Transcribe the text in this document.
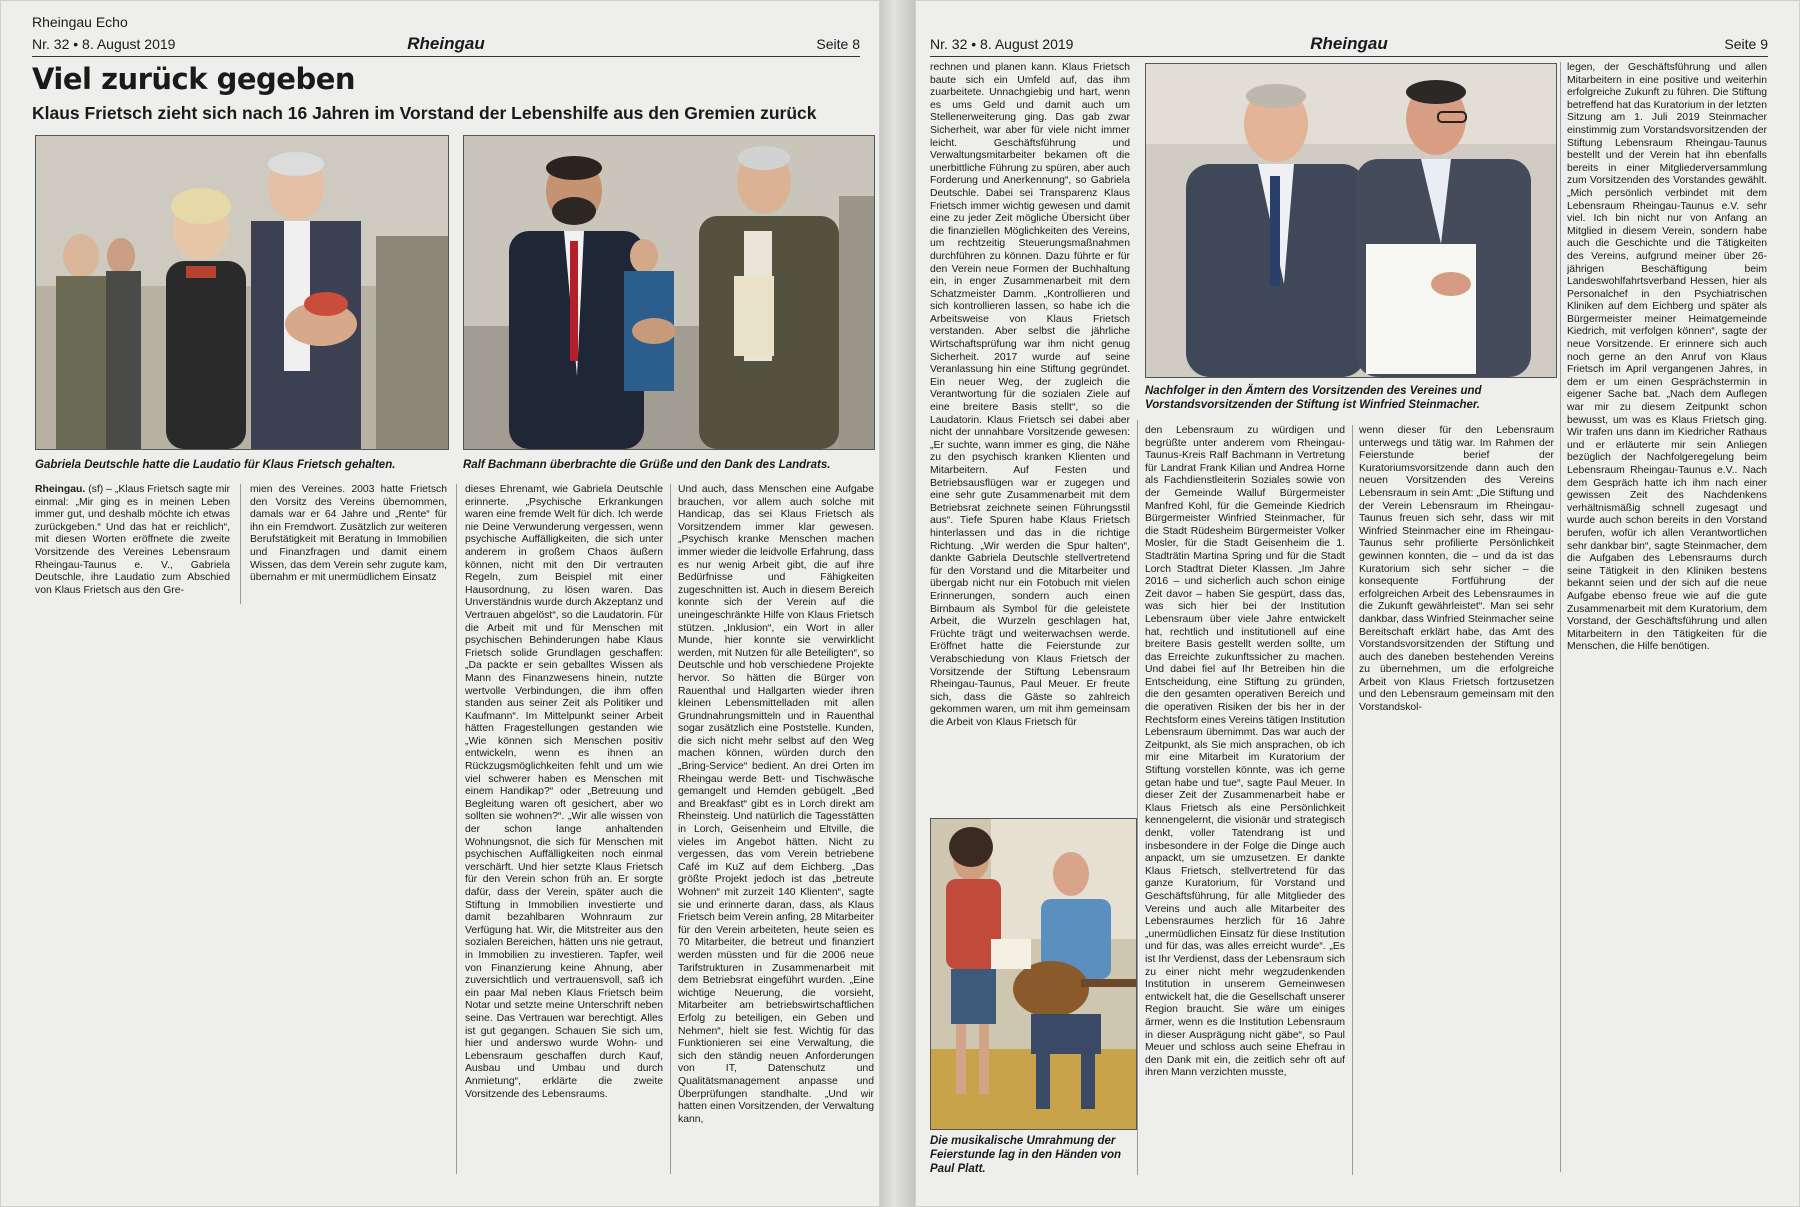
Rheingau Echo
Nr. 32 • 8. August 2019	Rheingau	Seite 8
Viel zurück gegeben
Klaus Frietsch zieht sich nach 16 Jahren im Vorstand der Lebenshilfe aus den Gremien zurück
Gabriela Deutschle hatte die Laudatio für Klaus Frietsch gehalten.	Ralf Bachmann überbrachte die Grüße und den Dank des Landrats.
Rheingau. (sf) – „Klaus Frietsch sagte mir einmal: „Mir ging es in meinen Leben immer gut, und deshalb möchte ich etwas zurückgeben.“ Und das hat er reichlich“, mit diesen Worten eröffnete die zweite Vorsitzende des Vereines Lebensraum Rheingau-Taunus e. V., Gabriela Deutschle, ihre Laudatio zum Abschied von Klaus Frietsch aus den Gre-
mien des Vereines. 2003 hatte Frietsch den Vorsitz des Vereins übernommen, damals war er 64 Jahre und „Rente“ für ihn ein Fremdwort. Zusätzlich zur weiteren Berufstätigkeit mit Beratung in Immobilien und Finanzfragen und damit einem Wissen, das dem Verein sehr zugute kam, übernahm er mit unermüdlichem Einsatz
dieses Ehrenamt, wie Gabriela Deutschle erinnerte. „Psychische Erkrankungen waren eine fremde Welt für dich. Ich werde nie Deine Verwunderung vergessen, wenn psychische Auffälligkeiten, die sich unter anderem in großem Chaos äußern können, nicht mit den Dir vertrauten Regeln, zum Beispiel mit einer Hausordnung, zu lösen waren. Das Unverständnis wurde durch Akzeptanz und Vertrauen abgelöst“, so die Laudatorin. Für die Arbeit mit und für Menschen mit psychischen Behinderungen habe Klaus Frietsch solide Grundlagen geschaffen: „Da packte er sein geballtes Wissen als Mann des Finanzwesens hinein, nutzte wertvolle Verbindungen, die ihm offen standen aus seiner Zeit als Politiker und Kaufmann“. Im Mittelpunkt seiner Arbeit hätten Fragestellungen gestanden wie „Wie können sich Menschen positiv entwickeln, wenn es ihnen an Rückzugsmöglichkeiten fehlt und um wie viel schwerer haben es Menschen mit einem Handikap?“ oder „Betreuung und Begleitung waren oft gesichert, aber wo sollten sie wohnen?“. „Wir alle wissen von der schon lange anhaltenden Wohnungsnot, die sich für Menschen mit psychischen Auffälligkeiten noch einmal verschärft. Und hier setzte Klaus Frietsch für den Verein schon früh an. Er sorgte dafür, dass der Verein, später auch die Stiftung in Immobilien investierte und damit bezahlbaren Wohnraum zur Verfügung hat. Wir, die Mitstreiter aus den sozialen Bereichen, hätten uns nie getraut, in Immobilien zu investieren. Tapfer, weil von Finanzierung keine Ahnung, aber zuversichtlich und vertrauensvoll, saß ich ein paar Mal neben Klaus Frietsch beim Notar und setzte meine Unterschrift neben seine. Das Vertrauen war berechtigt. Alles ist gut gegangen. Schauen Sie sich um, hier und anderswo wurde Wohn- und Lebensraum geschaffen durch Kauf, Ausbau und Umbau und durch Anmietung“, erklärte die zweite Vorsitzende des Lebensraums.
Und auch, dass Menschen eine Aufgabe brauchen, vor allem auch solche mit Handicap, das sei Klaus Frietsch als Vorsitzendem immer klar gewesen. „Psychisch kranke Menschen machen immer wieder die leidvolle Erfahrung, dass es nur wenig Arbeit gibt, die auf ihre Bedürfnisse und Fähigkeiten zugeschnitten ist. Auch in diesem Bereich konnte sich der Verein auf die uneingeschränkte Hilfe von Klaus Frietsch stützen. „Inklusion“, ein Wort in aller Munde, hier konnte sie verwirklicht werden, mit Nutzen für alle Beteiligten“, so Deutschle und hob verschiedene Projekte hervor. So hätten die Bürger von Rauenthal und Hallgarten wieder ihren kleinen Lebensmittelladen mit allen Grundnahrungsmitteln und in Rauenthal sogar zusätzlich eine Poststelle. Kunden, die sich nicht mehr selbst auf den Weg machen können, würden durch den „Bring-Service“ bedient. An drei Orten im Rheingau werde Bett- und Tischwäsche gemangelt und Hemden gebügelt. „Bed and Breakfast“ gibt es in Lorch direkt am Rheinsteig. Und natürlich die Tagesstätten in Lorch, Geisenheim und Eltville, die vieles im Angebot hätten. Nicht zu vergessen, das vom Verein betriebene Café im KuZ auf dem Eichberg. „Das größte Projekt jedoch ist das „betreute Wohnen“ mit zurzeit 140 Klienten“, sagte sie und erinnerte daran, dass, als Klaus Frietsch beim Verein anfing, 28 Mitarbeiter für den Verein arbeiteten, heute seien es 70 Mitarbeiter, die betreut und finanziert werden müssten und für die 2006 neue Tarifstrukturen in Zusammenarbeit mit dem Betriebsrat eingeführt wurden. „Eine wichtige Neuerung, die vorsieht, Mitarbeiter am betriebswirtschaftlichen Erfolg zu beteiligen, ein Geben und Nehmen“, hielt sie fest. Wichtig für das Funktionieren sei eine Verwaltung, die sich den ständig neuen Anforderungen von IT, Datenschutz und Qualitätsmanagement anpasse und Überprüfungen standhalte. „Und wir hatten einen Vorsitzenden, der Verwaltung kann,
Nr. 32 • 8. August 2019	Rheingau	Seite 9
rechnen und planen kann. Klaus Frietsch baute sich ein Umfeld auf, das ihm zuarbeitete. Unnachgiebig und hart, wenn es ums Geld und damit auch um Stellenerweiterung ging. Das gab zwar Sicherheit, war aber für viele nicht immer leicht. Geschäftsführung und Verwaltungsmitarbeiter bekamen oft die unerbittliche Führung zu spüren, aber auch Forderung und Anerkennung“, so Gabriela Deutschle. Dabei sei Transparenz Klaus Frietsch immer wichtig gewesen und damit eine zu jeder Zeit mögliche Übersicht über die finanziellen Möglichkeiten des Vereins, um rechtzeitig Steuerungsmaßnahmen durchführen zu können. Dazu führte er für den Verein neue Formen der Buchhaltung ein, in enger Zusammenarbeit mit dem Schatzmeister Damm. „Kontrollieren und sich kontrollieren lassen, so habe ich die Arbeitsweise von Klaus Frietsch verstanden. Aber selbst die jährliche Wirtschaftsprüfung war ihm nicht genug Sicherheit. 2017 wurde auf seine Veranlassung hin eine Stiftung gegründet. Ein neuer Weg, der zugleich die Verantwortung für die sozialen Ziele auf eine breitere Basis stellt“, so die Laudatorin. Klaus Frietsch sei dabei aber nicht der unnahbare Vorsitzende gewesen: „Er suchte, wann immer es ging, die Nähe zu den psychisch kranken Klienten und Mitarbeitern. Auf Festen und Betriebsausflügen war er zugegen und eine sehr gute Zusammenarbeit mit dem Betriebsrat zeichnete seinen Führungsstil aus“. Tiefe Spuren habe Klaus Frietsch hinterlassen und das in die richtige Richtung. „Wir werden die Spur halten“, dankte Gabriela Deutschle stellvertretend für den Vorstand und die Mitarbeiter und übergab nicht nur ein Fotobuch mit vielen Erinnerungen, sondern auch einen Birnbaum als Symbol für die geleistete Arbeit, die Wurzeln geschlagen hat, Früchte trägt und weiterwachsen werde. Eröffnet hatte die Feierstunde zur Verabschiedung von Klaus Frietsch der Vorsitzende der Stiftung Lebensraum Rheingau-Taunus, Paul Meuer. Er freute sich, dass die Gäste so zahlreich gekommen waren, um mit ihm gemeinsam die Arbeit von Klaus Frietsch für
Nachfolger in den Ämtern des Vorsitzenden des Vereines und Vorstandsvorsitzenden der Stiftung ist Winfried Steinmacher.
den Lebensraum zu würdigen und begrüßte unter anderem vom Rheingau-Taunus-Kreis Ralf Bachmann in Vertretung für Landrat Frank Kilian und Andrea Horne als Fachdienstleiterin Soziales sowie von der Gemeinde Walluf Bürgermeister Manfred Kohl, für die Gemeinde Kiedrich Bürgermeister Winfried Steinmacher, für die Stadt Rüdesheim Bürgermeister Volker Mosler, für die Stadt Geisenheim die 1. Stadträtin Martina Spring und für die Stadt Lorch Stadtrat Dieter Klassen. „Im Jahre 2016 – und sicherlich auch schon einige Zeit davor – haben Sie gespürt, dass das, was sich hier bei der Institution Lebensraum über viele Jahre entwickelt hat, rechtlich und institutionell auf eine breitere Basis gestellt werden sollte, um das Erreichte zukunftssicher zu machen. Und dabei fiel auf Ihr Betreiben hin die Entscheidung, eine Stiftung zu gründen, die den gesamten operativen Bereich und die operativen Risiken der bis her in der Rechtsform eines Vereins tätigen Institution Lebensraum übernimmt. Das war auch der Zeitpunkt, als Sie mich ansprachen, ob ich mir eine Mitarbeit im Kuratorium der Stiftung vorstellen könnte, was ich gerne getan habe und tue“, sagte Paul Meuer. In dieser Zeit der Zusammenarbeit habe er Klaus Frietsch als eine Persönlichkeit kennengelernt, die visionär und strategisch denkt, voller Tatendrang ist und insbesondere in der Folge die Dinge auch anpackt, um sie umzusetzen. Er dankte Klaus Frietsch, stellvertretend für das ganze Kuratorium, für Vorstand und Geschäftsführung, für alle Mitglieder des Vereins und auch alle Mitarbeiter des Lebensraumes herzlich für 16 Jahre „unermüdlichen Einsatz für diese Institution und für das, was alles erreicht wurde“. „Es ist Ihr Verdienst, dass der Lebensraum sich zu einer nicht mehr wegzudenkenden Institution in unserem Gemeinwesen entwickelt hat, die die Gesellschaft unserer Region braucht. Sie wäre um einiges ärmer, wenn es die Institution Lebensraum in dieser Ausprägung nicht gäbe“, so Paul Meuer und schloss auch seine Ehefrau in den Dank mit ein, die zeitlich sehr oft auf ihren Mann verzichten musste,
wenn dieser für den Lebensraum unterwegs und tätig war. Im Rahmen der Feierstunde berief der Kuratoriumsvorsitzende dann auch den neuen Vorsitzenden des Vereins Lebensraum in sein Amt: „Die Stiftung und der Verein Lebensraum im Rheingau-Taunus freuen sich sehr, dass wir mit Winfried Steinmacher eine im Rheingau-Taunus sehr profilierte Persönlichkeit gewinnen konnten, die – und da ist das Kuratorium sich sehr sicher – die konsequente Fortführung der erfolgreichen Arbeit des Lebensraumes in die Zukunft gewährleistet“. Man sei sehr dankbar, dass Winfried Steinmacher seine Bereitschaft erklärt habe, das Amt des Vorstandsvorsitzenden der Stiftung und auch des daneben bestehenden Vereins zu übernehmen, um die erfolgreiche Arbeit von Klaus Frietsch fortzusetzen und den Lebensraum gemeinsam mit den Vorstandskol-
legen, der Geschäftsführung und allen Mitarbeitern in eine positive und weiterhin erfolgreiche Zukunft zu führen. Die Stiftung betreffend hat das Kuratorium in der letzten Sitzung am 1. Juli 2019 Steinmacher einstimmig zum Vorstandsvorsitzenden der Stiftung Lebensraum Rheingau-Taunus bestellt und der Verein hat ihn ebenfalls bereits in einer Mitgliederversammlung zum Vorsitzenden des Vorstandes gewählt. „Mich persönlich verbindet mit dem Lebensraum Rheingau-Taunus e.V. sehr viel. Ich bin nicht nur von Anfang an Mitglied in diesem Verein, sondern habe auch die Geschichte und die Tätigkeiten des Vereins, aufgrund meiner über 26-jährigen Beschäftigung beim Landeswohlfahrtsverband Hessen, hier als Personalchef in den Psychiatrischen Kliniken auf dem Eichberg und später als Bürgermeister meiner Heimatgemeinde Kiedrich, mit verfolgen können“, sagte der neue Vorsitzende. Er erinnere sich auch noch gerne an den Anruf von Klaus Frietsch im April vergangenen Jahres, in dem er um einen Gesprächstermin in eigener Sache bat. „Nach dem Auflegen war mir zu diesem Zeitpunkt schon bewusst, um was es Klaus Frietsch ging. Wir trafen uns dann im Kiedricher Rathaus und er erläuterte mir sein Anliegen bezüglich der Nachfolgeregelung beim Lebensraum Rheingau-Taunus e.V.. Nach dem Gespräch hatte ich ihm nach einer gewissen Zeit des Nachdenkens verhältnismäßig schnell zugesagt und wurde auch schon bereits in den Vorstand berufen, wofür ich allen Verantwortlichen sehr dankbar bin“, sagte Steinmacher, dem die Aufgaben des Lebensraums durch seine Tätigkeit in den Kliniken bestens bekannt seien und der sich auf die neue Aufgabe ebenso freue wie auf die gute Zusammenarbeit mit dem Kuratorium, dem Vorstand, der Geschäftsführung und allen Mitarbeitern in den Tätigkeiten für die Menschen, die Hilfe benötigen.
Die musikalische Umrahmung der Feierstunde lag in den Händen von Paul Platt.
